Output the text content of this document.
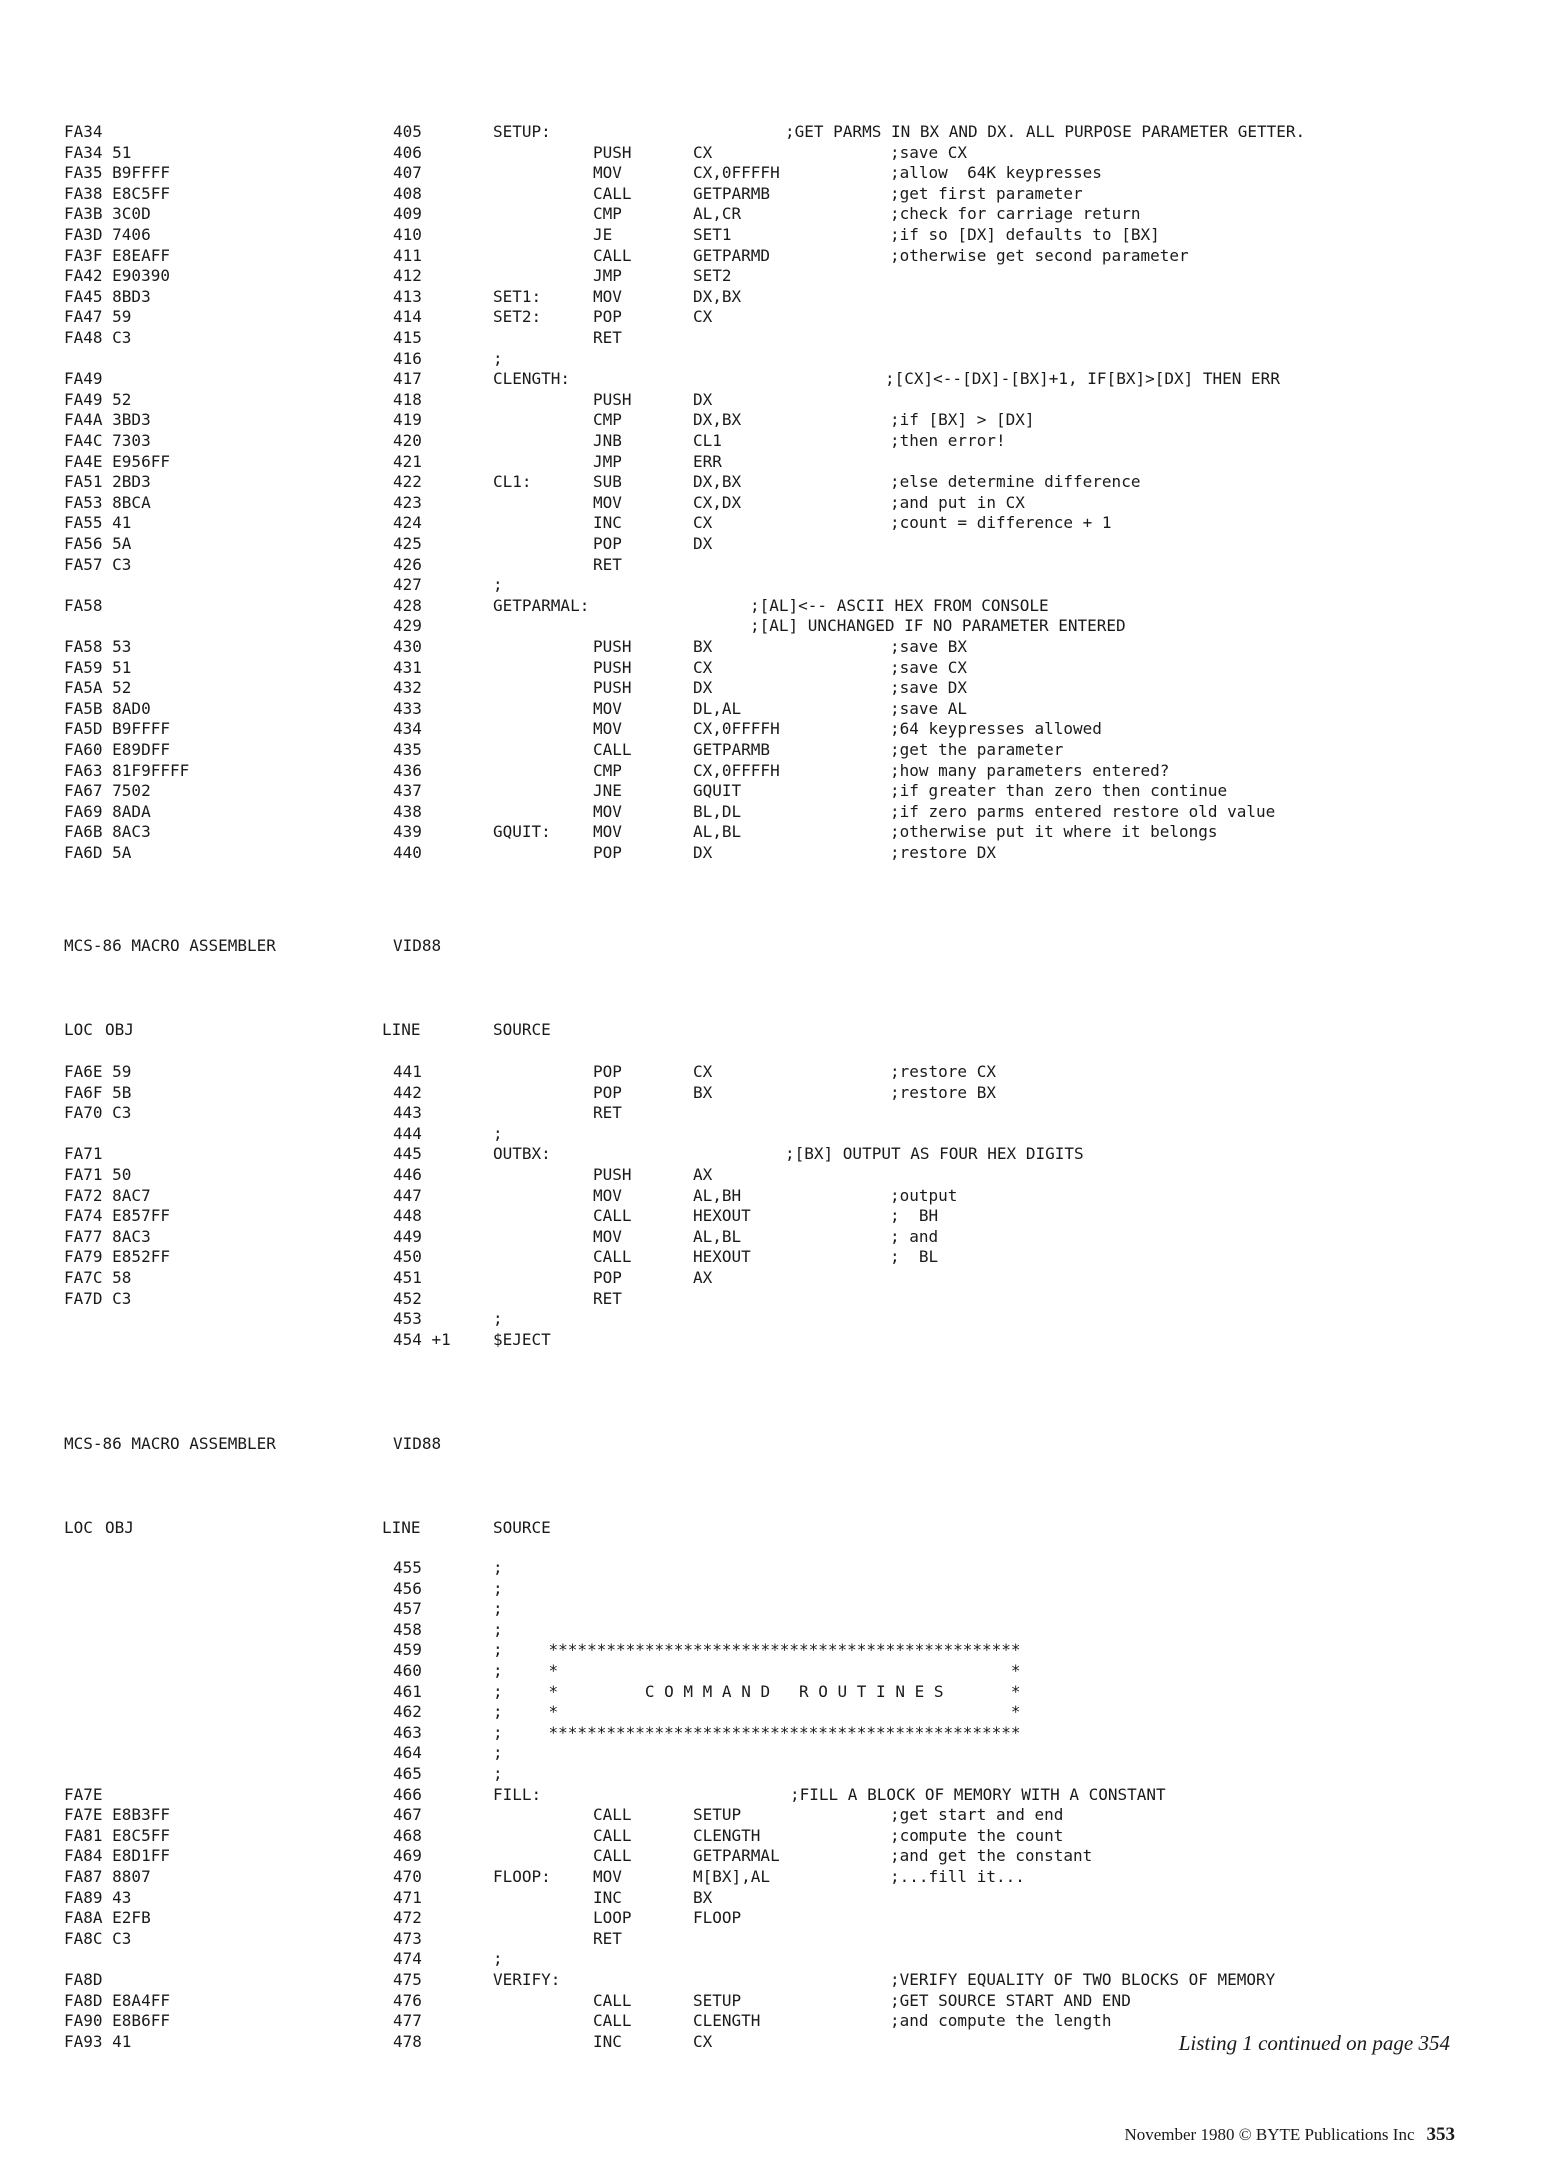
FA34	405	SETUP:	;GET PARMS IN BX AND DX. ALL PURPOSE PARAMETER GETTER.
FA34 51	406	PUSH	CX	;save CX
FA35 B9FFFF	407	MOV	CX,0FFFFH	;allow  64K keypresses
FA38 E8C5FF	408	CALL	GETPARMB	;get first parameter
FA3B 3C0D	409	CMP	AL,CR	;check for carriage return
FA3D 7406	410	JE	SET1	;if so [DX] defaults to [BX]
FA3F E8EAFF	411	CALL	GETPARMD	;otherwise get second parameter
FA42 E90390	412	JMP	SET2
FA45 8BD3	413	SET1:	MOV	DX,BX
FA47 59	414	SET2:	POP	CX
FA48 C3	415	RET
416	;
FA49	417	CLENGTH:	;[CX]<--[DX]-[BX]+1, IF[BX]>[DX] THEN ERR
FA49 52	418	PUSH	DX
FA4A 3BD3	419	CMP	DX,BX	;if [BX] > [DX]
FA4C 7303	420	JNB	CL1	;then error!
FA4E E956FF	421	JMP	ERR
FA51 2BD3	422	CL1:	SUB	DX,BX	;else determine difference
FA53 8BCA	423	MOV	CX,DX	;and put in CX
FA55 41	424	INC	CX	;count = difference + 1
FA56 5A	425	POP	DX
FA57 C3	426	RET
427	;
FA58	428	GETPARMAL:	;[AL]<-- ASCII HEX FROM CONSOLE
429	;[AL] UNCHANGED IF NO PARAMETER ENTERED
FA58 53	430	PUSH	BX	;save BX
FA59 51	431	PUSH	CX	;save CX
FA5A 52	432	PUSH	DX	;save DX
FA5B 8AD0	433	MOV	DL,AL	;save AL
FA5D B9FFFF	434	MOV	CX,0FFFFH	;64 keypresses allowed
FA60 E89DFF	435	CALL	GETPARMB	;get the parameter
FA63 81F9FFFF	436	CMP	CX,0FFFFH	;how many parameters entered?
FA67 7502	437	JNE	GQUIT	;if greater than zero then continue
FA69 8ADA	438	MOV	BL,DL	;if zero parms entered restore old value
FA6B 8AC3	439	GQUIT:	MOV	AL,BL	;otherwise put it where it belongs
FA6D 5A	440	POP	DX	;restore DX
MCS-86 MACRO ASSEMBLER	VID88
LOC OBJ	LINE	SOURCE
FA6E 59	441	POP	CX	;restore CX
FA6F 5B	442	POP	BX	;restore BX
FA70 C3	443	RET
444	;
FA71	445	OUTBX:	;[BX] OUTPUT AS FOUR HEX DIGITS
FA71 50	446	PUSH	AX
FA72 8AC7	447	MOV	AL,BH	;output
FA74 E857FF	448	CALL	HEXOUT	;  BH
FA77 8AC3	449	MOV	AL,BL	; and
FA79 E852FF	450	CALL	HEXOUT	;  BL
FA7C 58	451	POP	AX
FA7D C3	452	RET
453	;
454 +1	$EJECT
MCS-86 MACRO ASSEMBLER	VID88
LOC OBJ	LINE	SOURCE
455	;
456	;
457	;
458	;
459	; *************************************************
460	; *                                               *
461	; *         C O M M A N D   R O U T I N E S       *
462	; *                                               *
463	; *************************************************
464	;
465	;
FA7E	466	FILL:	;FILL A BLOCK OF MEMORY WITH A CONSTANT
FA7E E8B3FF	467	CALL	SETUP	;get start and end
FA81 E8C5FF	468	CALL	CLENGTH	;compute the count
FA84 E8D1FF	469	CALL	GETPARMAL	;and get the constant
FA87 8807	470	FLOOP:	MOV	M[BX],AL	;...fill it...
FA89 43	471	INC	BX
FA8A E2FB	472	LOOP	FLOOP
FA8C C3	473	RET
474	;
FA8D	475	VERIFY:	;VERIFY EQUALITY OF TWO BLOCKS OF MEMORY
FA8D E8A4FF	476	CALL	SETUP	;GET SOURCE START AND END
FA90 E8B6FF	477	CALL	CLENGTH	;and compute the length
FA93 41	478	INC	CX	Listing 1 continued on page 354
November 1980 © BYTE Publications Inc 353
